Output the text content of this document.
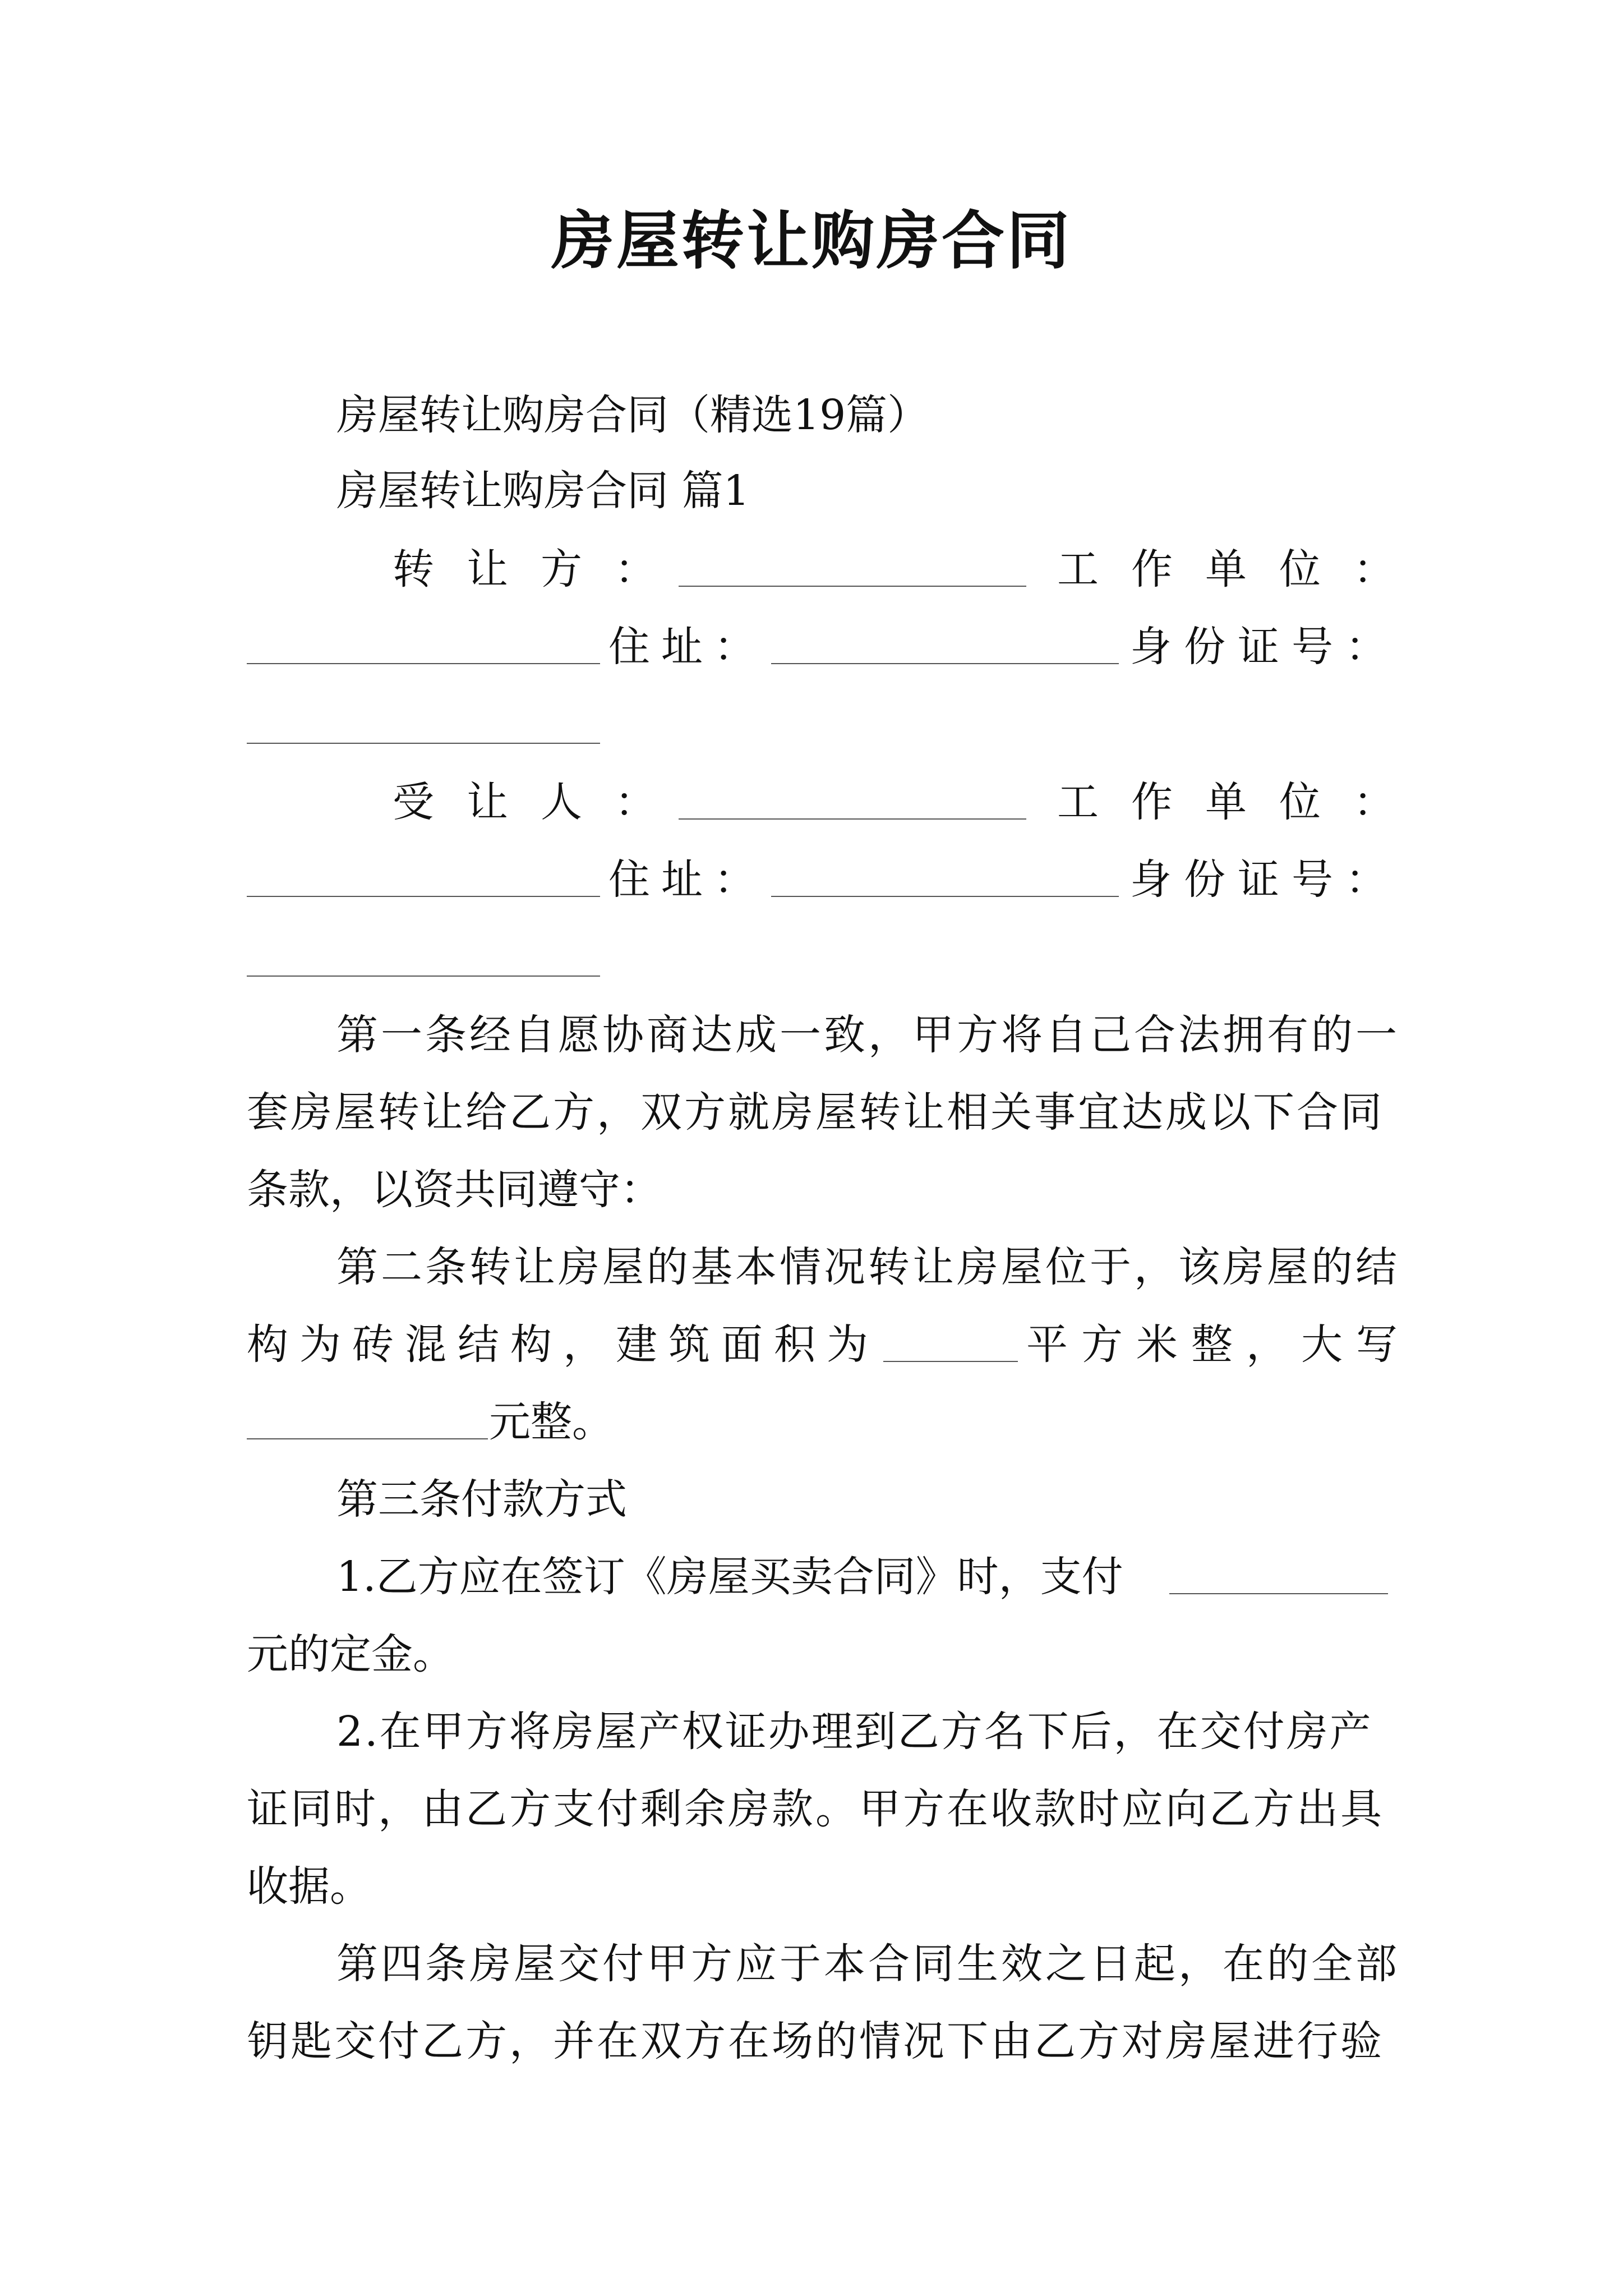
房屋转让购房合同
房屋转让购房合同（精选19篇）
房屋转让购房合同 篇1
转让方：	工作单位：
住址：	身份证号：
受让人：	工作单位：
住址：	身份证号：
第一条经自愿协商达成一致，甲方将自己合法拥有的一
套房屋转让给乙方，双方就房屋转让相关事宜达成以下合同
条款，以资共同遵守：
第二条转让房屋的基本情况转让房屋位于，该房屋的结
构为砖混结构，建筑面积为	平方米整，大写
元整。
第三条付款方式
1.乙方应在签订《房屋买卖合同》时，支付
元的定金。
2.在甲方将房屋产权证办理到乙方名下后，在交付房产
证同时，由乙方支付剩余房款。甲方在收款时应向乙方出具
收据。
第四条房屋交付甲方应于本合同生效之日起，在的全部
钥匙交付乙方，并在双方在场的情况下由乙方对房屋进行验
